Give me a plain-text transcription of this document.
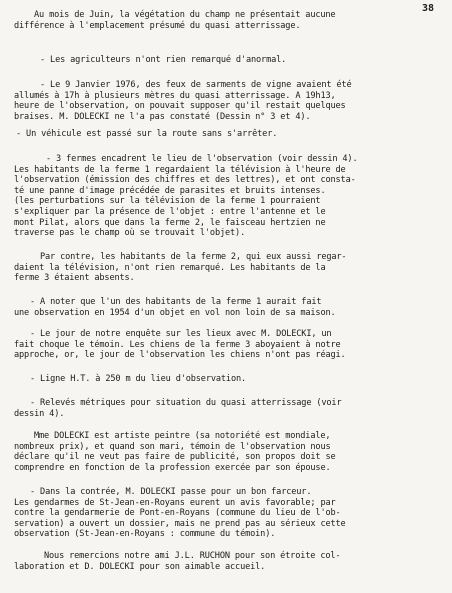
38
Au mois de Juin, la végétation du champ ne présentait aucune
différence à l'emplacement présumé du quasi atterrissage.
- Les agriculteurs n'ont rien remarqué d'anormal.
- Le 9 Janvier 1976, des feux de sarments de vigne avaient été
allumés à 17h à plusieurs mètres du quasi atterrissage. A 19h13,
heure de l'observation, on pouvait supposer qu'il restait quelques
braises. M. DOLECKI ne l'a pas constaté (Dessin n° 3 et 4).
- Un véhicule est passé sur la route sans s'arrêter.
- 3 fermes encadrent le lieu de l'observation (voir dessin 4).
Les habitants de la ferme 1 regardaient la télévision à l'heure de
l'observation (émission des chiffres et des lettres), et ont consta-
té une panne d'image précédée de parasites et bruits intenses.
(les perturbations sur la télévision de la ferme 1 pourraient
s'expliquer par la présence de l'objet : entre l'antenne et le
mont Pilat, alors que dans la ferme 2, le faisceau hertzien ne
traverse pas le champ où se trouvait l'objet).
Par contre, les habitants de la ferme 2, qui eux aussi regar-
daient la télévision, n'ont rien remarqué. Les habitants de la
ferme 3 étaient absents.
- A noter que l'un des habitants de la ferme 1 aurait fait
une observation en 1954 d'un objet en vol non loin de sa maison.
- Le jour de notre enquête sur les lieux avec M. DOLECKI, un
fait choque le témoin. Les chiens de la ferme 3 aboyaient à notre
approche, or, le jour de l'observation les chiens n'ont pas réagi.
- Ligne H.T. à 250 m du lieu d'observation.
- Relevés métriques pour situation du quasi atterrissage (voir
dessin 4).
Mme DOLECKI est artiste peintre (sa notoriété est mondiale,
nombreux prix), et quand son mari, témoin de l'observation nous
déclare qu'il ne veut pas faire de publicité, son propos doit se
comprendre en fonction de la profession exercée par son épouse.
- Dans la contrée, M. DOLECKI passe pour un bon farceur.
Les gendarmes de St-Jean-en-Royans eurent un avis favorable; par
contre la gendarmerie de Pont-en-Royans (commune du lieu de l'ob-
servation) a ouvert un dossier, mais ne prend pas au sérieux cette
observation (St-Jean-en-Royans : commune du témoin).
Nous remercions notre ami J.L. RUCHON pour son étroite col-
laboration et D. DOLECKI pour son aimable accueil.
